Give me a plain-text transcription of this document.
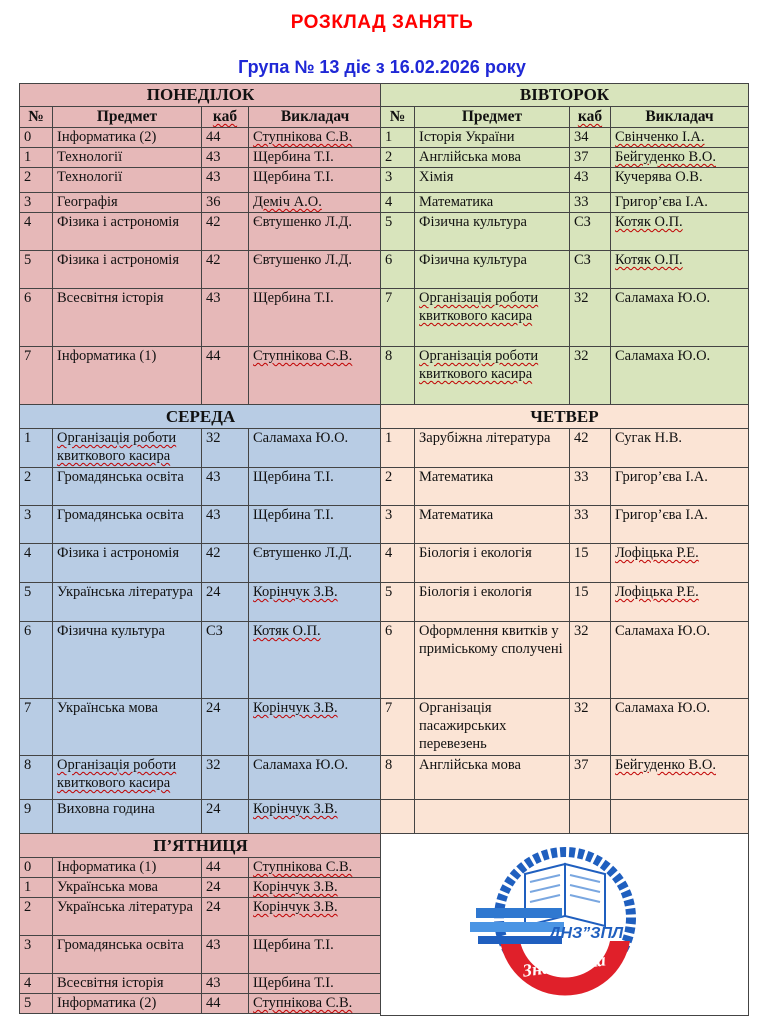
РОЗКЛАД ЗАНЯТЬ
Група № 13 діє з 16.02.2026 року
ПОНЕДІЛОК			
№	Предмет	каб	Викладач
0	Інформатика (2)	44	Ступнікова С.В.
1	Технології	43	Щербина Т.І.
2	Технології	43	Щербина Т.І.
3	Географія	36	Деміч А.О.
4	Фізика і астрономія	42	Євтушенко Л.Д.
5	Фізика і астрономія	42	Євтушенко Л.Д.
6	Всесвітня історія	43	Щербина Т.І.
7	Інформатика (1)	44	Ступнікова С.В.
СЕРЕДА			
1	Організація роботи квиткового касира	32	Саламаха Ю.О.
2	Громадянська освіта	43	Щербина Т.І.
3	Громадянська освіта	43	Щербина Т.І.
4	Фізика і астрономія	42	Євтушенко Л.Д.
5	Українська література	24	Корінчук З.В.
6	Фізична культура	СЗ	Котяк О.П.
7	Українська мова	24	Корінчук З.В.
8	Організація роботи квиткового касира	32	Саламаха Ю.О.
9	Виховна година	24	Корінчук З.В.
П’ЯТНИЦЯ			
0	Інформатика (1)	44	Ступнікова С.В.
1	Українська мова	24	Корінчук З.В.
2	Українська література	24	Корінчук З.В.
3	Громадянська освіта	43	Щербина Т.І.
4	Всесвітня історія	43	Щербина Т.І.
5	Інформатика (2)	44	Ступнікова С.В.
ВІВТОРОК			
№	Предмет	каб	Викладач
1	Історія України	34	Свінченко І.А.
2	Англійська мова	37	Бейгуденко В.О.
3	Хімія	43	Кучерява О.В.
4	Математика	33	Григор’єва І.А.
5	Фізична культура	СЗ	Котяк О.П.
6	Фізична культура	СЗ	Котяк О.П.
7	Організація роботи квиткового касира	32	Саламаха Ю.О.
8	Організація роботи квиткового касира	32	Саламаха Ю.О.
ЧЕТВЕР			
1	Зарубіжна література	42	Сугак Н.В.
2	Математика	33	Григор’єва І.А.
3	Математика	33	Григор’єва І.А.
4	Біологія і екологія	15	Лофіцька Р.Е.
5	Біологія і екологія	15	Лофіцька Р.Е.
6	Оформлення квитків у приміському сполучені	32	Саламаха Ю.О.
7	Організація пасажирських перевезень	32	Саламаха Ю.О.
8	Англійська мова	37	Бейгуденко В.О.

ДНЗ”ЗПЛ”
Знам’янка
